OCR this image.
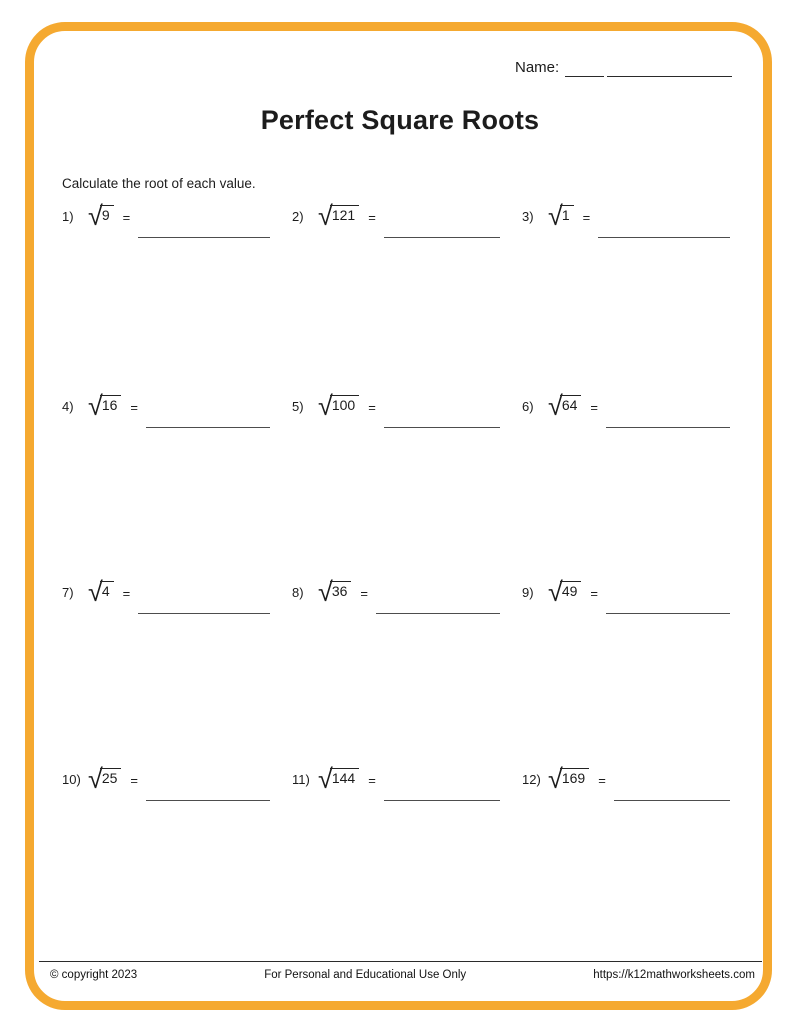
Name:
Perfect Square Roots
Calculate the root of each value.
1) √ 9	=	2) √ 121	=	3) √ 1	=
4) √ 16	=	5) √ 100	=	6) √ 64	=
7) √ 4	=	8) √ 36	=	9) √ 49	=
10) √ 25	=	11) √ 144	=	12) √ 169	=
© copyright 2023	For Personal and Educational Use Only	https://k12mathworksheets.com
